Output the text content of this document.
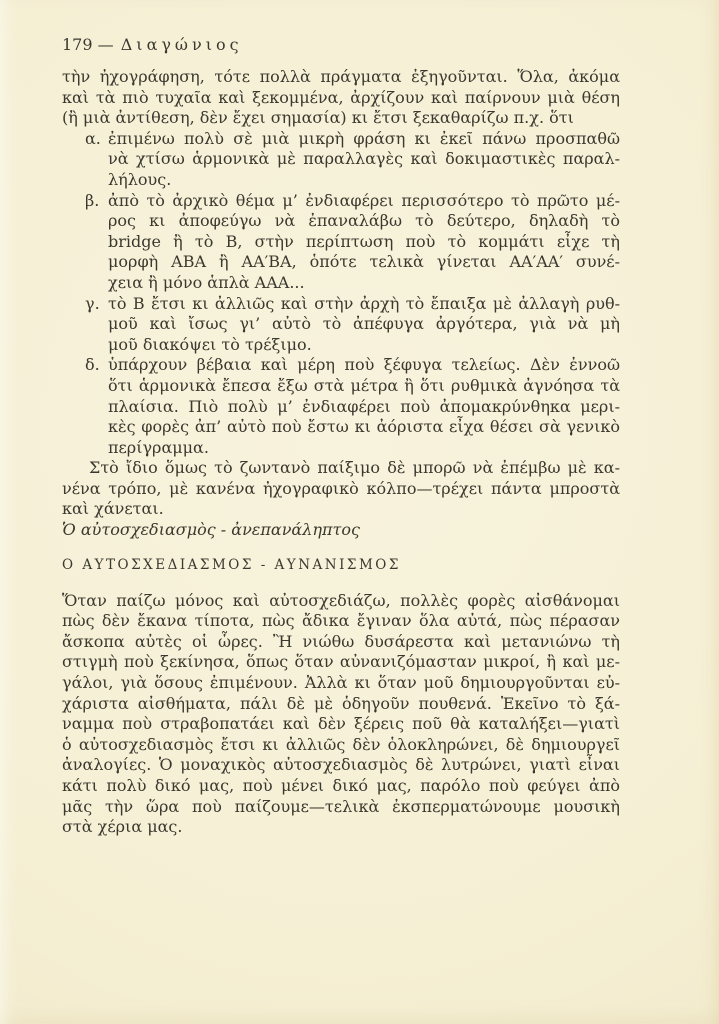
179 — Διαγώνιος
τὴν ἠχογράφηση, τότε πολλὰ πράγματα ἐξηγοῦνται. Ὅλα, ἀκόμα
καὶ τὰ πιὸ τυχαῖα καὶ ξεκομμένα, ἀρχίζουν καὶ παίρνουν μιὰ θέση
(ἢ μιὰ ἀντίθεση, δὲν ἔχει σημασία) κι ἔτσι ξεκαθαρίζω π.χ. ὅτι
α. ἐπιμένω πολὺ σὲ μιὰ μικρὴ φράση κι ἐκεῖ πάνω προσπαθῶ
νὰ χτίσω ἁρμονικὰ μὲ παραλλαγὲς καὶ δοκιμαστικὲς παραλ-
λήλους.
β. ἀπὸ τὸ ἀρχικὸ θέμα μ’ ἐνδιαφέρει περισσότερο τὸ πρῶτο μέ-
ρος κι ἀποφεύγω νὰ ἐπαναλάβω τὸ δεύτερο, δηλαδὴ τὸ
bridge ἢ τὸ Β, στὴν περίπτωση ποὺ τὸ κομμάτι εἶχε τὴ
μορφὴ ΑΒΑ ἢ ΑΑ′ΒΑ, ὁπότε τελικὰ γίνεται ΑΑ′ΑΑ′ συνέ-
χεια ἢ μόνο ἁπλὰ ΑΑΑ...
γ. τὸ Β ἔτσι κι ἀλλιῶς καὶ στὴν ἀρχὴ τὸ ἔπαιξα μὲ ἀλλαγὴ ρυθ-
μοῦ καὶ ἴσως γι’ αὐτὸ τὸ ἀπέφυγα ἀργότερα, γιὰ νὰ μὴ
μοῦ διακόψει τὸ τρέξιμο.
δ. ὑπάρχουν βέβαια καὶ μέρη ποὺ ξέφυγα τελείως. Δὲν ἐννοῶ
ὅτι ἁρμονικὰ ἔπεσα ἔξω στὰ μέτρα ἢ ὅτι ρυθμικὰ ἀγνόησα τὰ
πλαίσια. Πιὸ πολὺ μ’ ἐνδιαφέρει ποὺ ἀπομακρύνθηκα μερι-
κὲς φορὲς ἀπ’ αὐτὸ ποὺ ἔστω κι ἀόριστα εἶχα θέσει σὰ γενικὸ
περίγραμμα.
Στὸ ἴδιο ὅμως τὸ ζωντανὸ παίξιμο δὲ μπορῶ νὰ ἐπέμβω μὲ κα-
νένα τρόπο, μὲ κανένα ἠχογραφικὸ κόλπο—τρέχει πάντα μπροστὰ
καὶ χάνεται.
Ὁ αὐτοσχεδιασμὸς - ἀνεπανάληπτος
Ο ΑΥΤΟΣΧΕΔΙΑΣΜΟΣ - ΑΥΝΑΝΙΣΜΟΣ
Ὅταν παίζω μόνος καὶ αὐτοσχεδιάζω, πολλὲς φορὲς αἰσθάνομαι
πὼς δὲν ἔκανα τίποτα, πὼς ἄδικα ἔγιναν ὅλα αὐτά, πὼς πέρασαν
ἄσκοπα αὐτὲς οἱ ὧρες. Ἢ νιώθω δυσάρεστα καὶ μετανιώνω τὴ
στιγμὴ ποὺ ξεκίνησα, ὅπως ὅταν αὐνανιζόμασταν μικροί, ἢ καὶ με-
γάλοι, γιὰ ὅσους ἐπιμένουν. Ἀλλὰ κι ὅταν μοῦ δημιουργοῦνται εὐ-
χάριστα αἰσθήματα, πάλι δὲ μὲ ὁδηγοῦν πουθενά. Ἐκεῖνο τὸ ξά-
ναμμα ποὺ στραβοπατάει καὶ δὲν ξέρεις ποῦ θὰ καταλήξει—γιατὶ
ὁ αὐτοσχεδιασμὸς ἔτσι κι ἀλλιῶς δὲν ὁλοκληρώνει, δὲ δημιουργεῖ
ἀναλογίες. Ὁ μοναχικὸς αὐτοσχεδιασμὸς δὲ λυτρώνει, γιατὶ εἶναι
κάτι πολὺ δικό μας, ποὺ μένει δικό μας, παρόλο ποὺ φεύγει ἀπὸ
μᾶς τὴν ὥρα ποὺ παίζουμε—τελικὰ ἐκσπερματώνουμε μουσικὴ
στὰ χέρια μας.
